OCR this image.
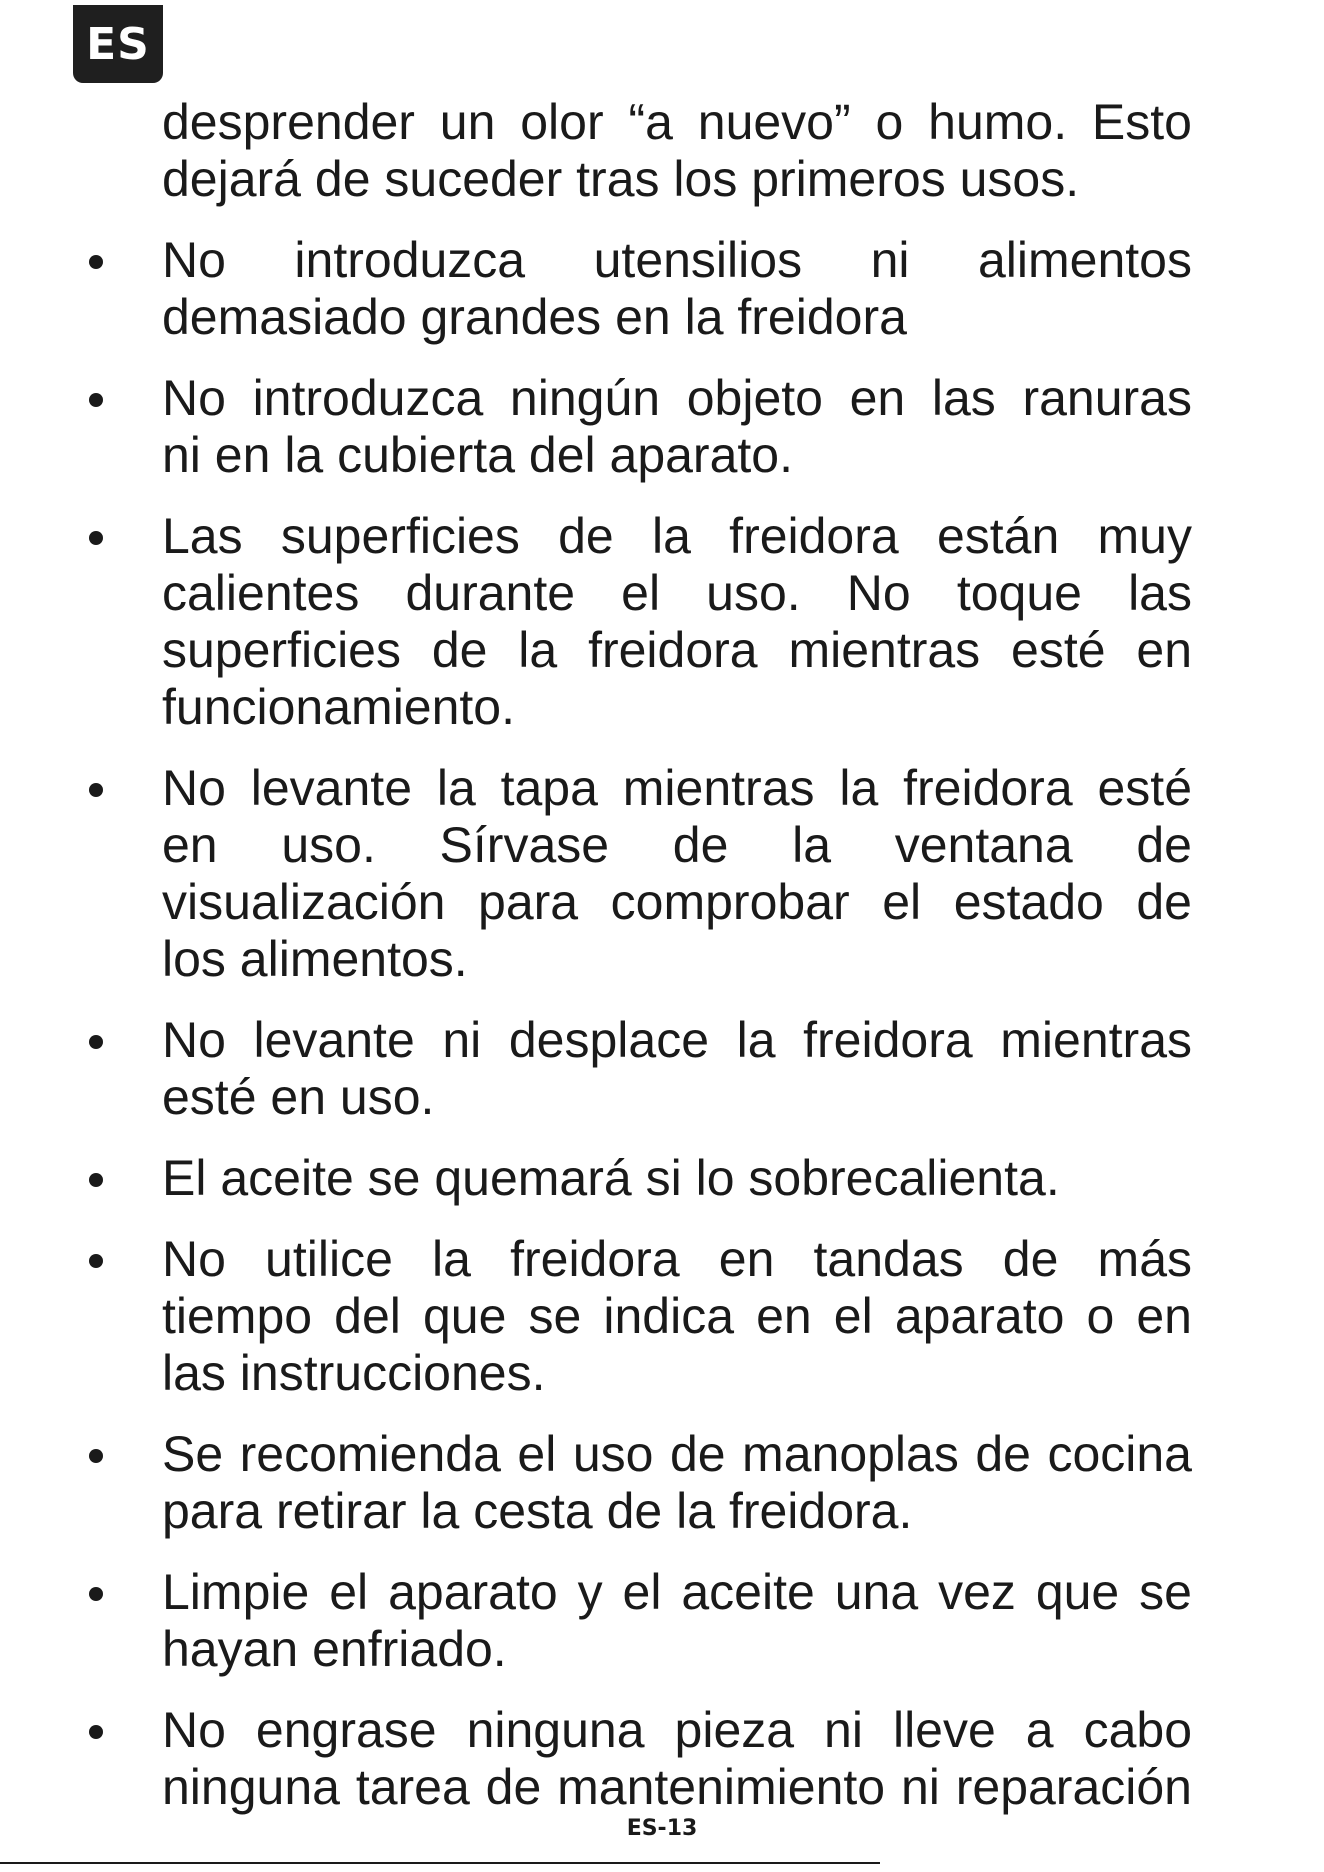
ES
desprender un olor “a nuevo” o humo. Esto
dejará de suceder tras los primeros usos.
No introduzca utensilios ni alimentos
demasiado grandes en la freidora
No introduzca ningún objeto en las ranuras
ni en la cubierta del aparato.
Las superficies de la freidora están muy
calientes durante el uso. No toque las
superficies de la freidora mientras esté en
funcionamiento.
No levante la tapa mientras la freidora esté
en uso. Sírvase de la ventana de
visualización para comprobar el estado de
los alimentos.
No levante ni desplace la freidora mientras
esté en uso.
El aceite se quemará si lo sobrecalienta.
No utilice la freidora en tandas de más
tiempo del que se indica en el aparato o en
las instrucciones.
Se recomienda el uso de manoplas de cocina
para retirar la cesta de la freidora.
Limpie el aparato y el aceite una vez que se
hayan enfriado.
No engrase ninguna pieza ni lleve a cabo
ninguna tarea de mantenimiento ni reparación
ES-13
